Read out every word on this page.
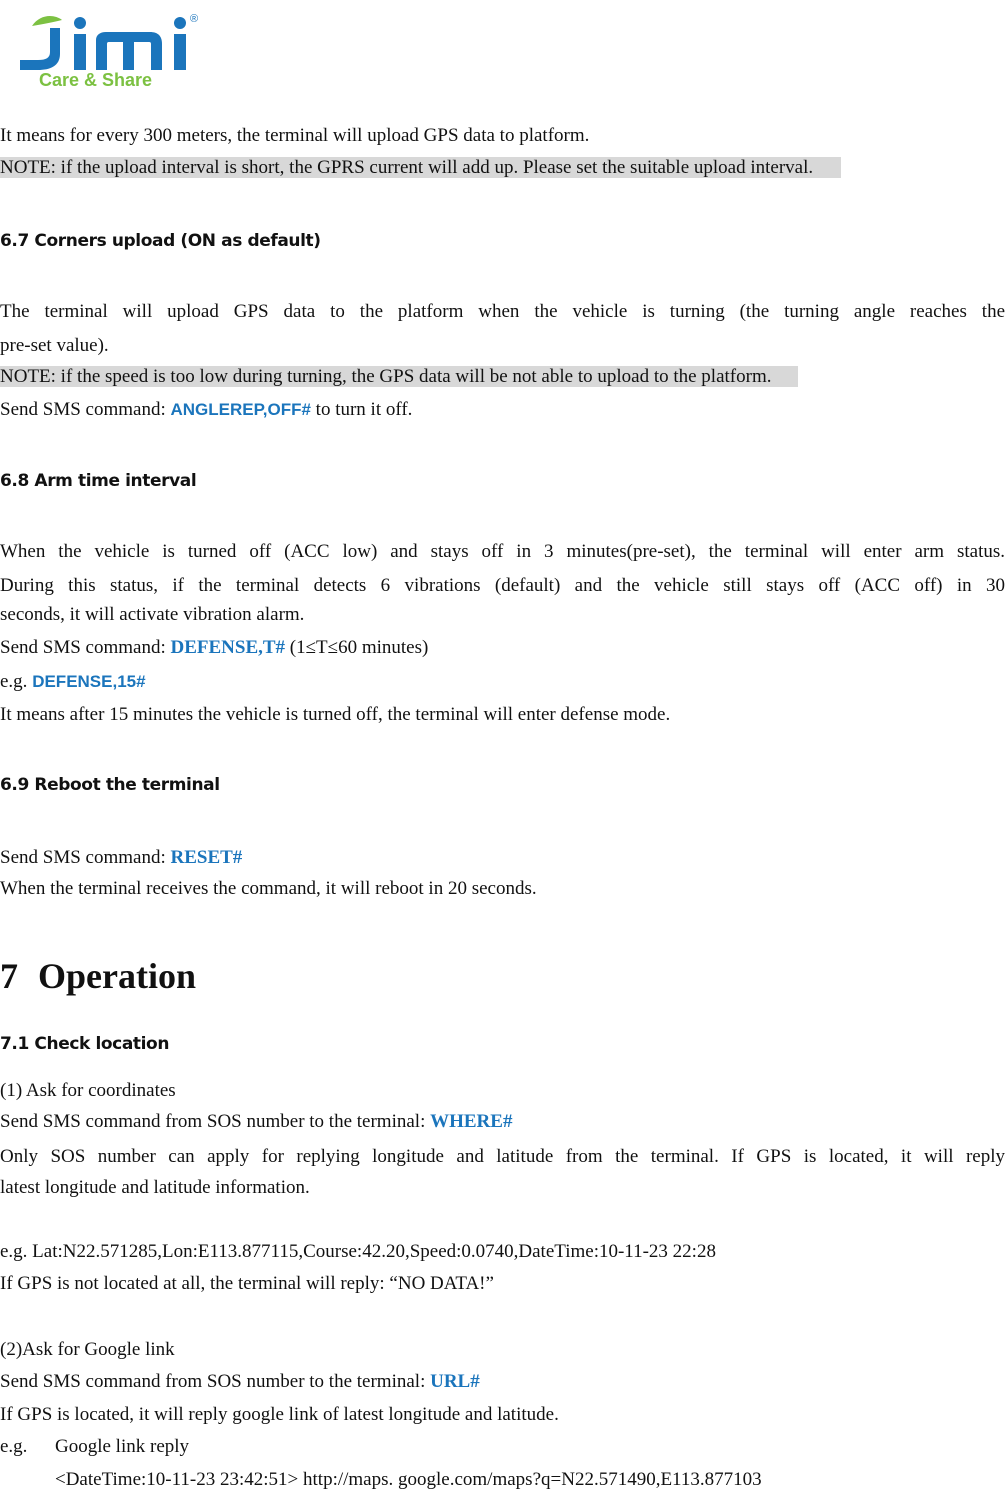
®
Care & Share
It means for every 300 meters, the terminal will upload GPS data to platform.
NOTE: if the upload interval is short, the GPRS current will add up. Please set the suitable upload interval.
6.7 Corners upload (ON as default)
The terminal will upload GPS data to the platform when the vehicle is turning (the turning angle reaches the
pre-set value).
NOTE: if the speed is too low during turning, the GPS data will be not able to upload to the platform.
Send SMS command: ANGLEREP,OFF# to turn it off.
6.8 Arm time interval
When the vehicle is turned off (ACC low) and stays off in 3 minutes(pre-set), the terminal will enter arm status.
During this status, if the terminal detects 6 vibrations (default) and the vehicle still stays off (ACC off) in 30
seconds, it will activate vibration alarm.
Send SMS command: DEFENSE,T# (1≤T≤60 minutes)
e.g. DEFENSE,15#
It means after 15 minutes the vehicle is turned off, the terminal will enter defense mode.
6.9 Reboot the terminal
Send SMS command: RESET#
When the terminal receives the command, it will reboot in 20 seconds.
7 Operation
7.1 Check location
(1) Ask for coordinates
Send SMS command from SOS number to the terminal: WHERE#
Only SOS number can apply for replying longitude and latitude from the terminal. If GPS is located, it will reply
latest longitude and latitude information.
e.g. Lat:N22.571285,Lon:E113.877115,Course:42.20,Speed:0.0740,DateTime:10-11-23 22:28
If GPS is not located at all, the terminal will reply: “NO DATA!”
(2)Ask for Google link
Send SMS command from SOS number to the terminal: URL#
If GPS is located, it will reply google link of latest longitude and latitude.
e.g. Google link reply
<DateTime:10-11-23 23:42:51> http://maps. google.com/maps?q=N22.571490,E113.877103
